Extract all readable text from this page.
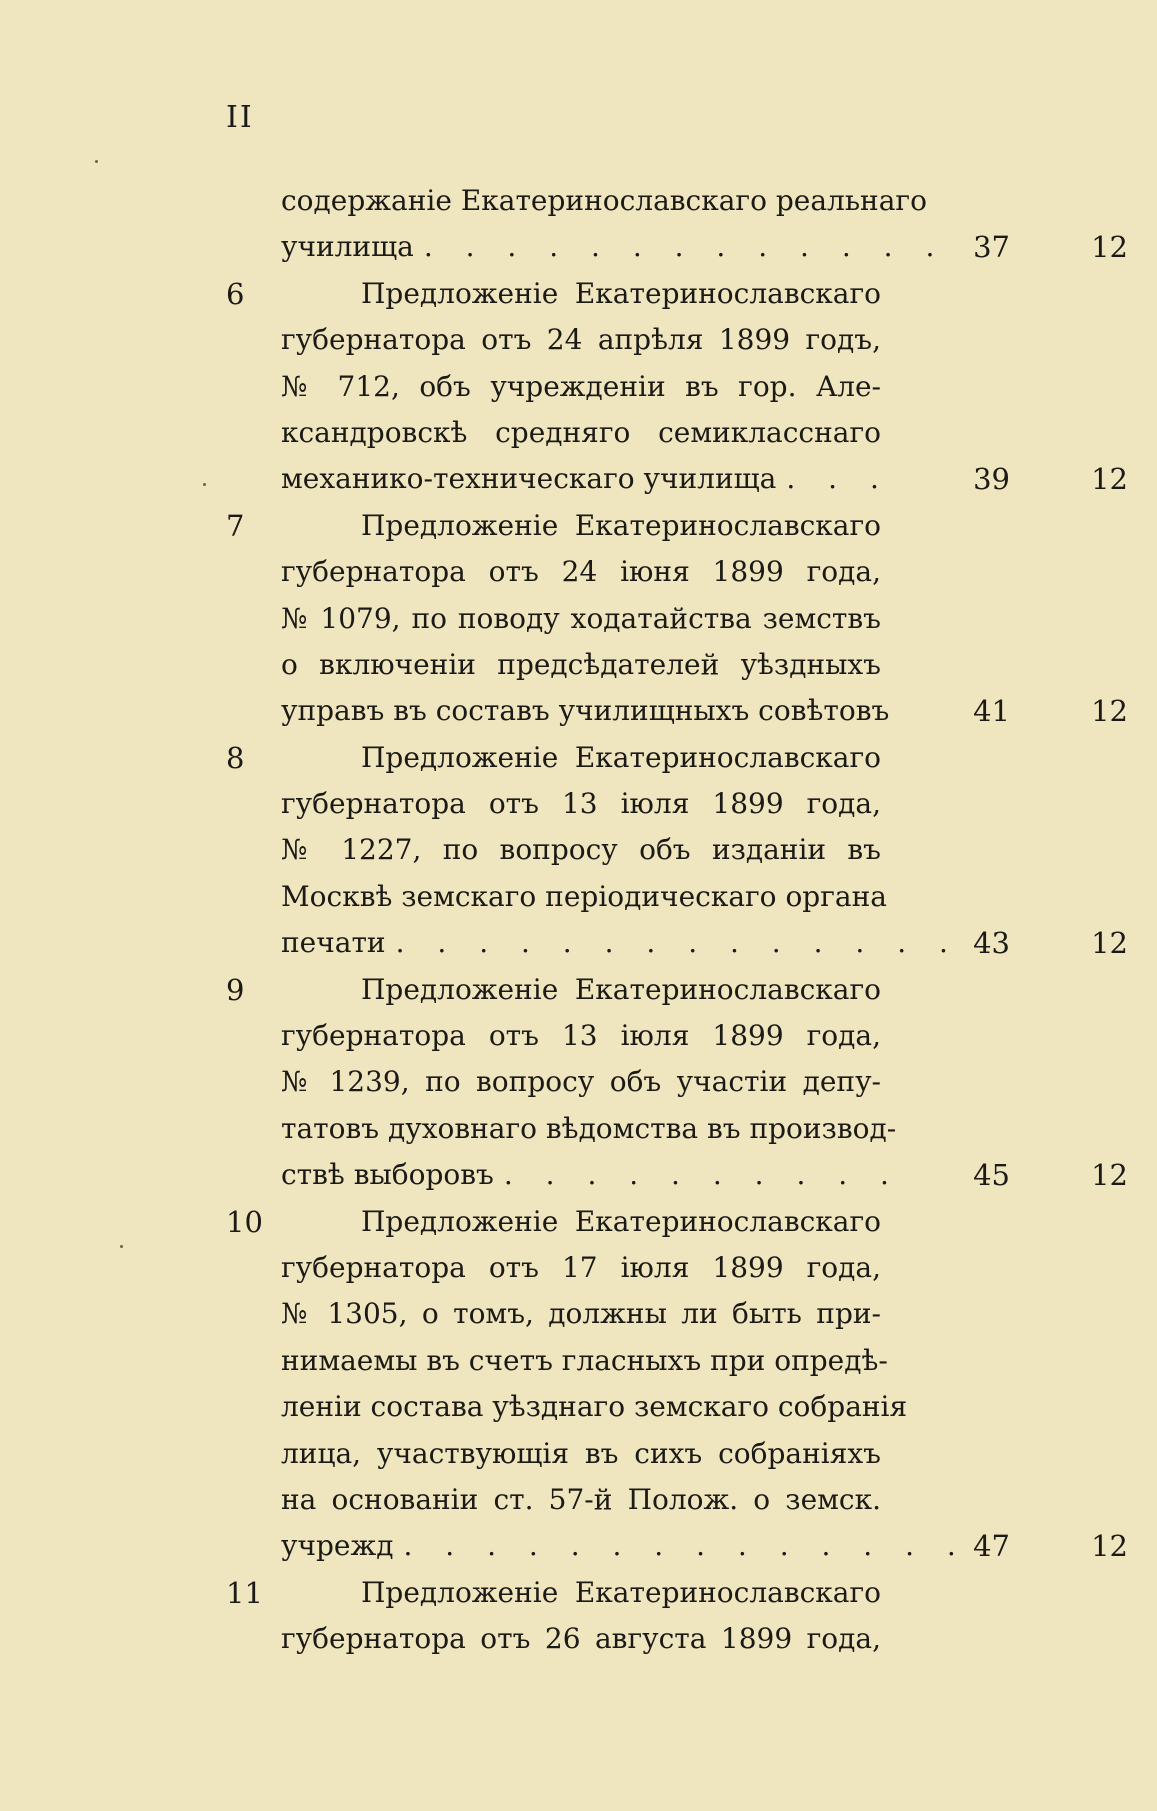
II
содержаніе Екатеринославскаго реальнаго
училища . . . . . . . . . . . . . 37	12
6	Предложеніе Екатеринославскаго
губернатора отъ 24 апрѣля 1899 годъ,
№ 712, объ учрежденіи въ гор. Але-
ксандровскѣ средняго семикласснаго
механико-техническаго училища . . .	39	12
7	Предложеніе Екатеринославскаго
губернатора отъ 24 іюня 1899 года,
№ 1079, по поводу ходатайства земствъ
о включеніи предсѣдателей уѣздныхъ
управъ въ составъ училищныхъ совѣтовъ	41	12
8	Предложеніе Екатеринославскаго
губернатора отъ 13 іюля 1899 года,
№ 1227, по вопросу объ изданіи въ
Москвѣ земскаго періодическаго органа
печати . . . . . . . . . . . . . . 43	12
9	Предложеніе Екатеринославскаго
губернатора отъ 13 іюля 1899 года,
№ 1239, по вопросу объ участіи депу-
татовъ духовнаго вѣдомства въ производ-
ствѣ выборовъ . . . . . . . . . .	45	12
10	Предложеніе Екатеринославскаго
губернатора отъ 17 іюля 1899 года,
№ 1305, о томъ, должны ли быть при-
нимаемы въ счетъ гласныхъ при опредѣ-
леніи состава уѣзднаго земскаго собранія
лица, участвующія въ сихъ собраніяхъ
на основаніи ст. 57-й Полож. о земск.
учрежд . . . . . . . . . . . . . . 47	12
11	Предложеніе Екатеринославскаго
губернатора отъ 26 августа 1899 года,
